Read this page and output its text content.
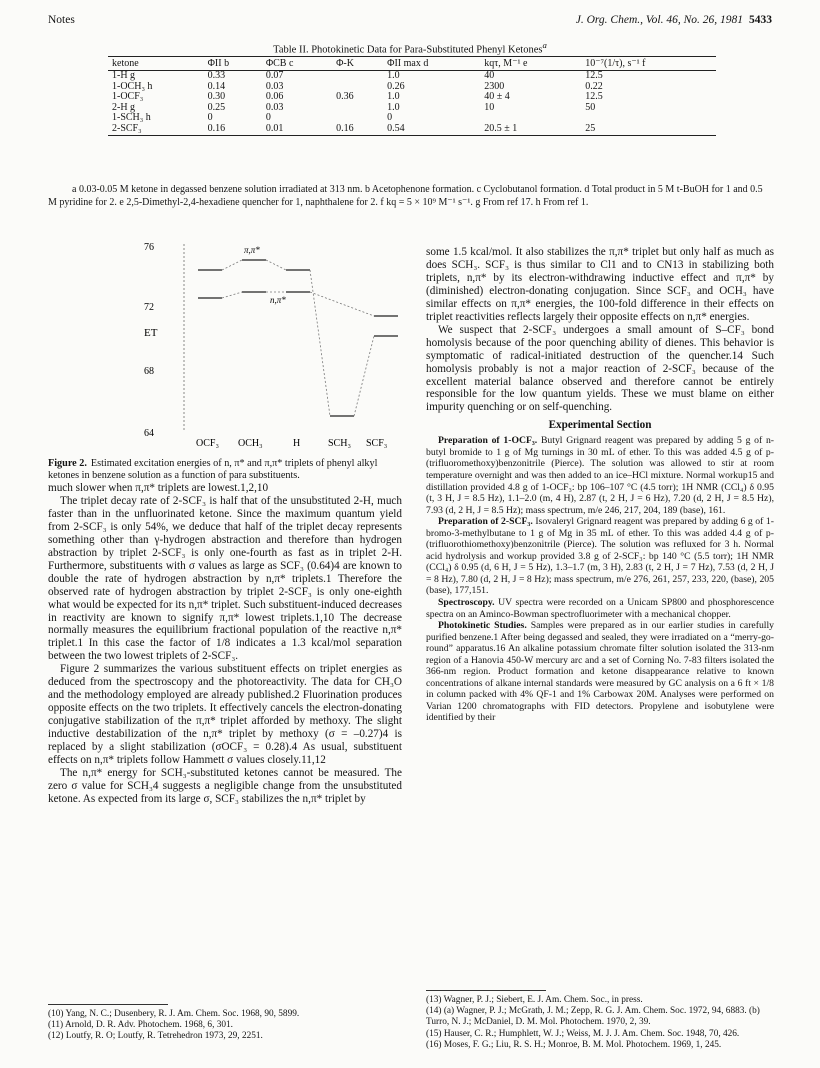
Notes	J. Org. Chem., Vol. 46, No. 26, 1981 5433
Table II. Photokinetic Data for Para-Substituted Phenyl Ketones$^a$
ketone	ΦII b	ΦCB c	Φ-K	ΦII max d	kqτ, M⁻¹ e	10⁻⁷(1/τ), s⁻¹ f
1-H g	0.33	0.07		1.0	40	12.5
1-OCH₃ h	0.14	0.03		0.26	2300	0.22
1-OCF₃	0.30	0.06	0.36	1.0	40 ± 4	12.5
2-H g	0.25	0.03		1.0	10	50
1-SCH₃ h	0	0		0		
2-SCF₃	0.16	0.01	0.16	0.54	20.5 ± 1	25
a 0.03-0.05 M ketone in degassed benzene solution irradiated at 313 nm. b Acetophenone formation. c Cyclobutanol formation. d Total product in 5 M t-BuOH for 1 and 0.5 M pyridine for 2. e 2,5-Dimethyl-2,4-hexadiene quencher for 1, naphthalene for 2. f kq = 5 × 10⁹ M⁻¹ s⁻¹. g From ref 17. h From ref 1.
76
72
68
64
ET
π,π*
n,π*
OCF₃ OCH₃	H	SCH₃ SCF₃
Figure 2. Estimated excitation energies of n, π* and π,π* triplets of phenyl alkyl ketones in benzene solution as a function of para substituents.

much slower when π,π* triplets are lowest.1,2,10

The triplet decay rate of 2-SCF₃ is half that of the unsubstituted 2-H, much faster than in the unfluorinated ketone. Since the maximum quantum yield from 2-SCF₃ is only 54%, we deduce that half of the triplet decay represents something other than γ-hydrogen abstraction and therefore than hydrogen abstraction by triplet 2-SCF₃ is only one-fourth as fast as in triplet 2-H. Furthermore, substituents with σ values as large as SCF₃ (0.64)4 are known to double the rate of hydrogen abstraction by n,π* triplets.1 Therefore the observed rate of hydrogen abstraction by triplet 2-SCF₃ is only one-eighth what would be expected for its n,π* triplet. Such substituent-induced decreases in reactivity are known to signify π,π* lowest triplets.1,10 The decrease normally measures the equilibrium fractional population of the reactive n,π* triplet.1 In this case the factor of 1/8 indicates a 1.3 kcal/mol separation between the two lowest triplets of 2-SCF₃.

Figure 2 summarizes the various substituent effects on triplet energies as deduced from the spectroscopy and the photoreactivity. The data for CH₃O and the methodology employed are already published.2 Fluorination produces opposite effects on the two triplets. It effectively cancels the electron-donating conjugative stabilization of the π,π* triplet afforded by methoxy. The slight inductive destabilization of the n,π* triplet by methoxy (σ = –0.27)4 is replaced by a slight stabilization (σOCF₃ = 0.28).4 As usual, substituent effects on n,π* triplets follow Hammett σ values closely.11,12

The n,π* energy for SCH₃-substituted ketones cannot be measured. The zero σ value for SCH₃4 suggests a negligible change from the unsubstituted ketone. As expected from its large σ, SCF₃ stabilizes the n,π* triplet by

(10) Yang, N. C.; Dusenbery, R. J. Am. Chem. Soc. 1968, 90, 5899.
(11) Arnold, D. R. Adv. Photochem. 1968, 6, 301.
(12) Loutfy, R. O; Loutfy, R. Tetrehedron 1973, 29, 2251.

some 1.5 kcal/mol. It also stabilizes the π,π* triplet but only half as much as does SCH₃. SCF₃ is thus similar to Cl1 and to CN13 in stabilizing both triplets, n,π* by its electron-withdrawing inductive effect and π,π* by (diminished) electron-donating conjugation. Since SCF₃ and OCH₃ have similar effects on π,π* energies, the 100-fold difference in their effects on triplet reactivities reflects largely their opposite effects on n,π* energies.

We suspect that 2-SCF₃ undergoes a small amount of S–CF₃ bond homolysis because of the poor quenching ability of dienes. This behavior is symptomatic of radical-initiated destruction of the quencher.14 Such homolysis probably is not a major reaction of 2-SCF₃ because of the excellent material balance observed and therefore cannot be entirely responsible for the low quantum yields. These we must blame on either impurity quenching or on self-quenching.

Experimental Section

Preparation of 1-OCF₃. Butyl Grignard reagent was prepared by adding 5 g of n-butyl bromide to 1 g of Mg turnings in 30 mL of ether. To this was added 4.5 g of p-(trifluoromethoxy)benzonitrile (Pierce). The solution was allowed to stir at room temperature overnight and was then added to an ice–HCl mixture. Normal workup15 and distillation provided 4.8 g of 1-OCF₃: bp 106–107 °C (4.5 torr); 1H NMR (CCl₄) δ 0.95 (t, 3 H, J = 8.5 Hz), 1.1–2.0 (m, 4 H), 2.87 (t, 2 H, J = 6 Hz), 7.20 (d, 2 H, J = 8.5 Hz), 7.93 (d, 2 H, J = 8.5 Hz); mass spectrum, m/e 246, 217, 204, 189 (base), 161.

Preparation of 2-SCF₃. Isovaleryl Grignard reagent was prepared by adding 6 g of 1-bromo-3-methylbutane to 1 g of Mg in 35 mL of ether. To this was added 4.4 g of p-(trifluorothiomethoxy)benzonitrile (Pierce). The solution was refluxed for 3 h. Normal acid hydrolysis and workup provided 3.8 g of 2-SCF₃: bp 140 °C (5.5 torr); 1H NMR (CCl₄) δ 0.95 (d, 6 H, J = 5 Hz), 1.3–1.7 (m, 3 H), 2.83 (t, 2 H, J = 7 Hz), 7.53 (d, 2 H, J = 8 Hz), 7.80 (d, 2 H, J = 8 Hz); mass spectrum, m/e 276, 261, 257, 233, 220, (base), 205 (base), 177,151.

Spectroscopy. UV spectra were recorded on a Unicam SP800 and phosphorescence spectra on an Aminco-Bowman spectrofluorimeter with a mechanical chopper.

Photokinetic Studies. Samples were prepared as in our earlier studies in carefully purified benzene.1 After being degassed and sealed, they were irradiated on a “merry-go-round” apparatus.16 An alkaline potassium chromate filter solution isolated the 313-nm region of a Hanovia 450-W mercury arc and a set of Corning No. 7-83 filters isolated the 366-nm region. Product formation and ketone disappearance relative to known concentrations of alkane internal standards were measured by GC analysis on a 6 ft × 1/8 in column packed with 4% QF-1 and 1% Carbowax 20M. Analyses were performed on Varian 1200 chromatographs with FID detectors. Propylene and isobutylene were identified by their

(13) Wagner, P. J.; Siebert, E. J. Am. Chem. Soc., in press.
(14) (a) Wagner, P. J.; McGrath, J. M.; Zepp, R. G. J. Am. Chem. Soc. 1972, 94, 6883. (b) Turro, N. J.; McDaniel, D. M. Mol. Photochem. 1970, 2, 39.
(15) Hauser, C. R.; Humphlett, W. J.; Weiss, M. J. J. Am. Chem. Soc. 1948, 70, 426.
(16) Moses, F. G.; Liu, R. S. H.; Monroe, B. M. Mol. Photochem. 1969, 1, 245.
